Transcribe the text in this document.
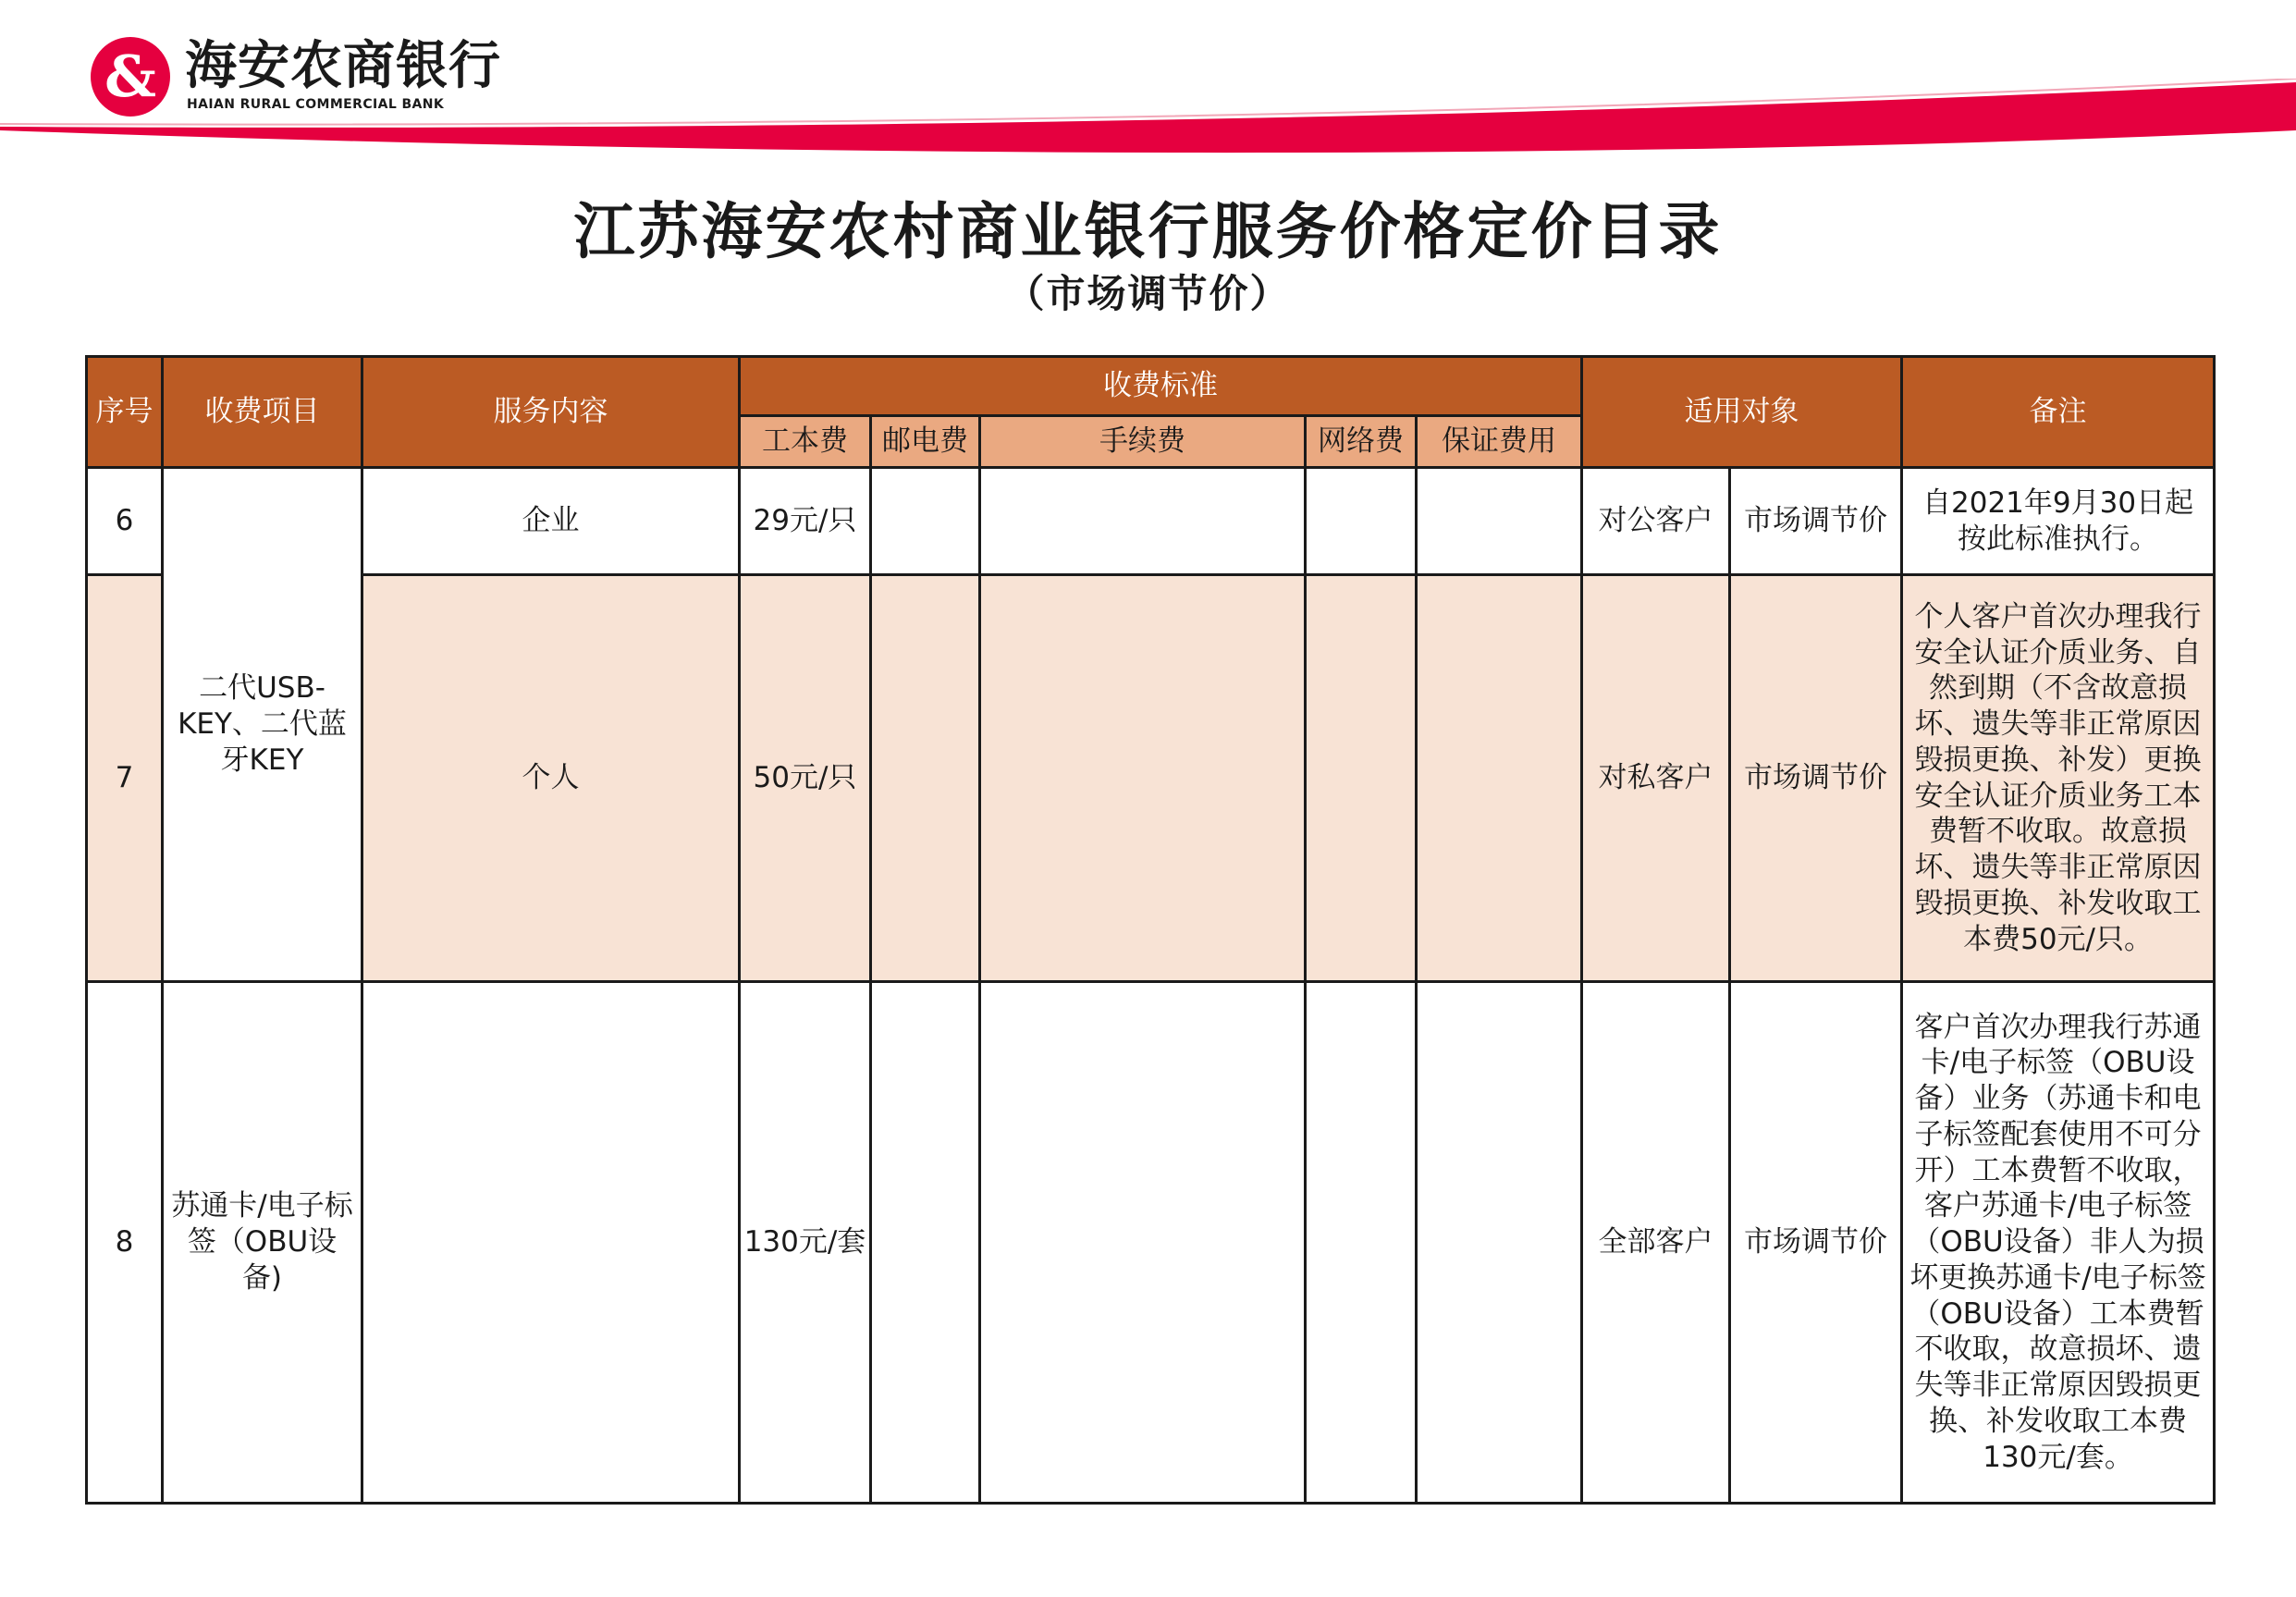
& 海安农商银行
HAIAN RURAL COMMERCIAL BANK
江苏海安农村商业银行服务价格定价目录
（市场调节价）
序号	收费项目	服务内容	收费标准					适用对象		备注
			工本费	邮电费	手续费	网络费	保证费用			
6	二代USB-KEY、二代蓝牙KEY	企业	29元/只					对公客户	市场调节价	自2021年9月30日起按此标准执行。
7		个人	50元/只					对私客户	市场调节价	个人客户首次办理我行安全认证介质业务、自然到期（不含故意损坏、遗失等非正常原因毁损更换、补发）更换安全认证介质业务工本费暂不收取。故意损坏、遗失等非正常原因毁损更换、补发收取工本费50元/只。
8	苏通卡/电子标签（OBU设备)		130元/套					全部客户	市场调节价	客户首次办理我行苏通卡/电子标签（OBU设备）业务（苏通卡和电子标签配套使用不可分开）工本费暂不收取，客户苏通卡/电子标签（OBU设备）非人为损坏更换苏通卡/电子标签（OBU设备）工本费暂不收取，故意损坏、遗失等非正常原因毁损更换、补发收取工本费130元/套。
